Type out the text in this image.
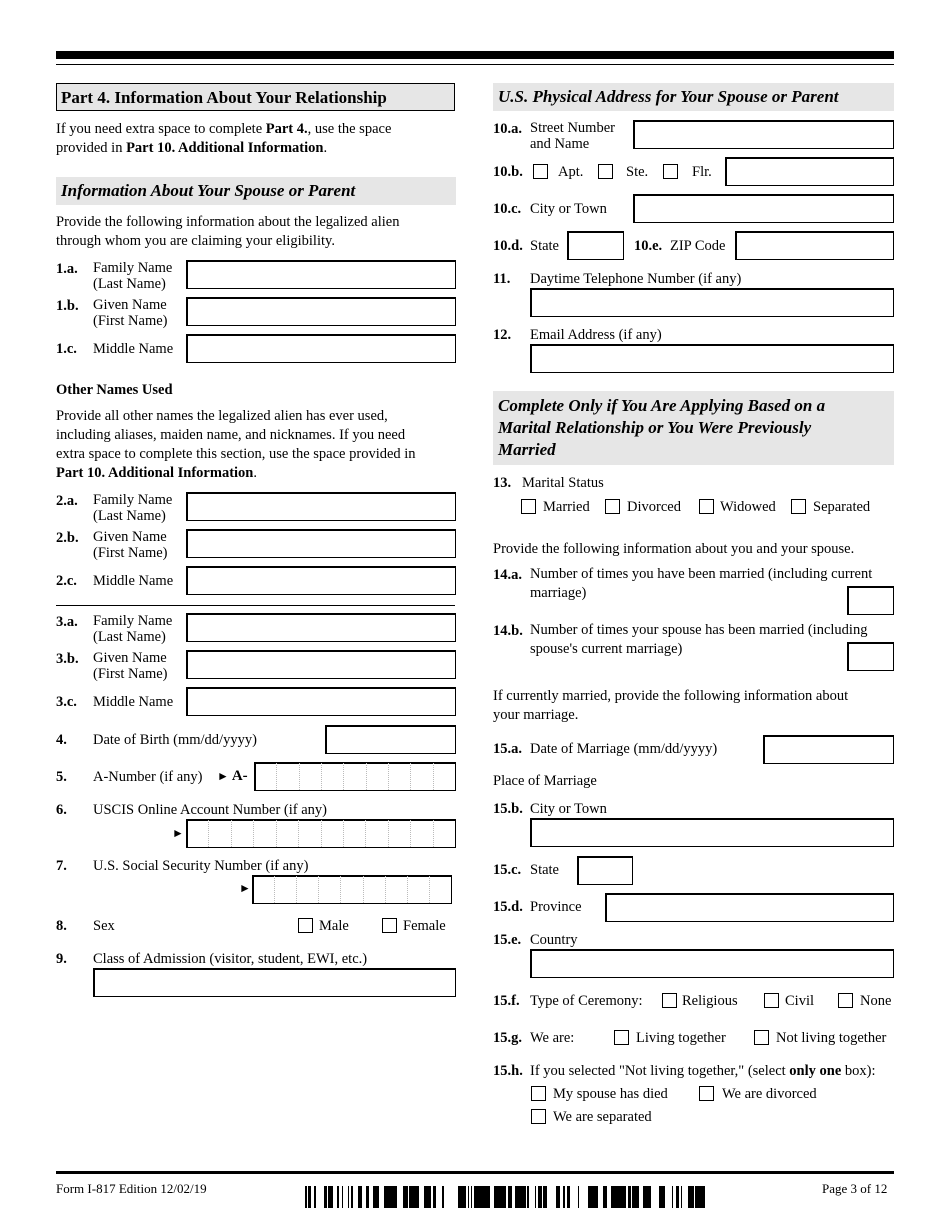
Part 4. Information About Your Relationship
If you need extra space to complete Part 4., use the space
provided in Part 10. Additional Information.
Information About Your Spouse or Parent
Provide the following information about the legalized alien
through whom you are claiming your eligibility.
1.a. Family Name
(Last Name)
1.b. Given Name
(First Name)
1.c. Middle Name
Other Names Used
Provide all other names the legalized alien has ever used,
including aliases, maiden name, and nicknames. If you need
extra space to complete this section, use the space provided in
Part 10. Additional Information.
2.a. Family Name
(Last Name)
2.b. Given Name
(First Name)
2.c. Middle Name
3.a. Family Name
(Last Name)
3.b. Given Name
(First Name)
3.c. Middle Name
4. Date of Birth (mm/dd/yyyy)
5. A-Number (if any) ► A-
6. USCIS Online Account Number (if any)
►
7. U.S. Social Security Number (if any)
►
8. Sex	Male	Female
9. Class of Admission (visitor, student, EWI, etc.)
U.S. Physical Address for Your Spouse or Parent
10.a. Street Number
and Name
10.b. Apt.	Ste.	Flr.
10.c. City or Town
10.d. State	10.e. ZIP Code
11. Daytime Telephone Number (if any)
12. Email Address (if any)
Complete Only if You Are Applying Based on a
Marital Relationship or You Were Previously
Married
13. Marital Status
Married	Divorced	Widowed	Separated
Provide the following information about you and your spouse.
14.a. Number of times you have been married (including current
marriage)
14.b. Number of times your spouse has been married (including
spouse's current marriage)
If currently married, provide the following information about
your marriage.
15.a. Date of Marriage (mm/dd/yyyy)
Place of Marriage
15.b. City or Town
15.c. State
15.d. Province
15.e. Country
15.f. Type of Ceremony:	Religious	Civil	None
15.g. We are:	Living together	Not living together
15.h. If you selected "Not living together," (select only one box):
My spouse has died	We are divorced
We are separated
Form I-817 Edition 12/02/19	Page 3 of 12
